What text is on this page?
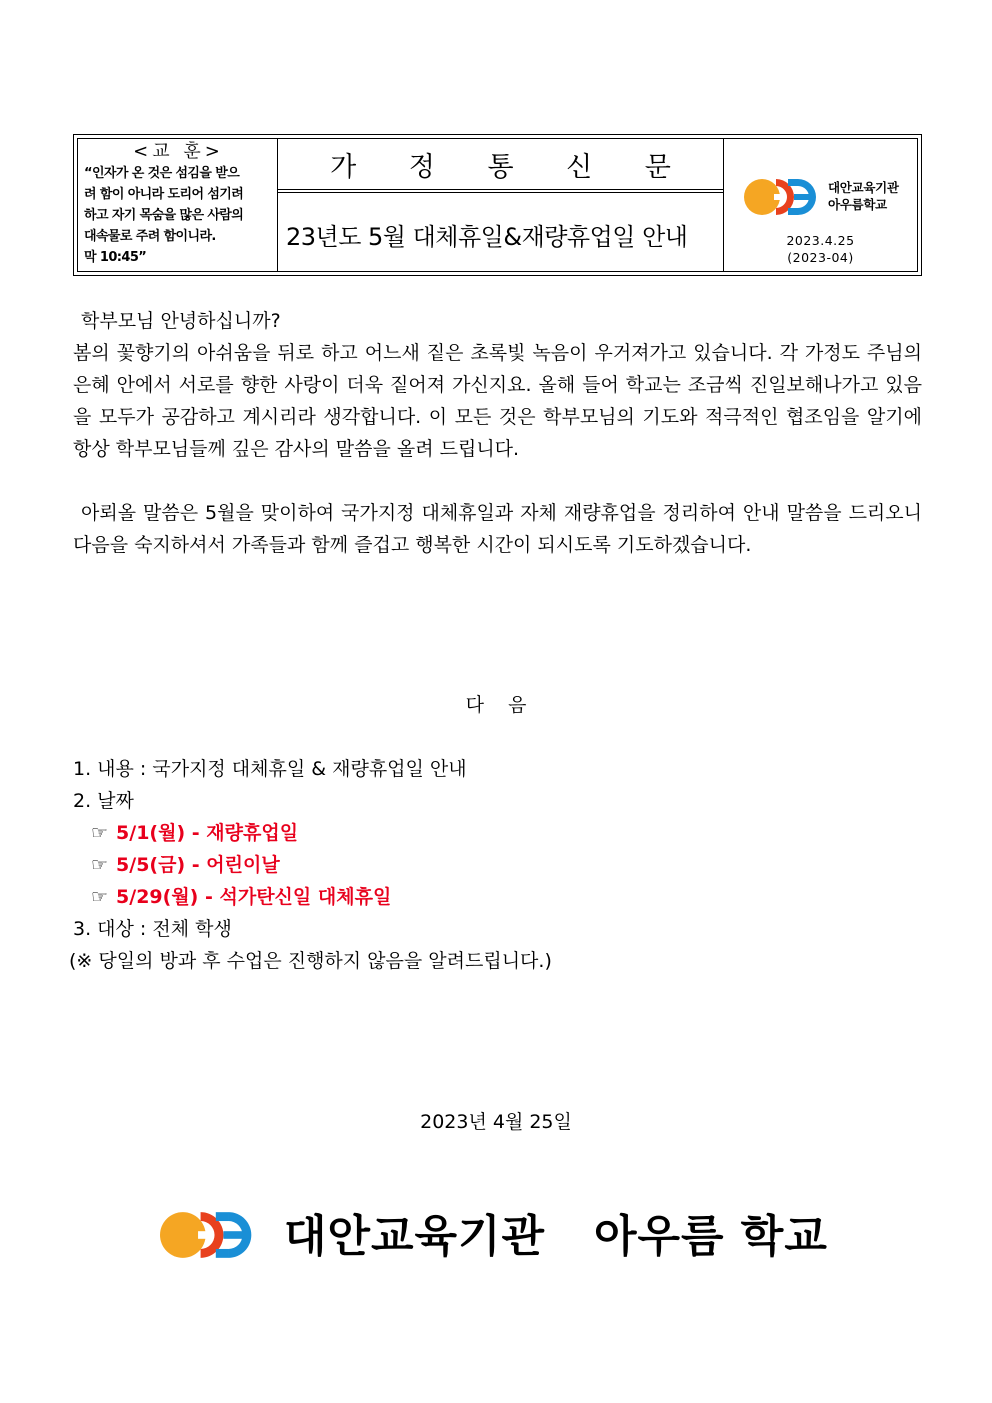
<교 훈>
“인자가 온 것은 섬김을 받으
려 함이 아니라 도리어 섬기려
하고 자기 목숨을 많은 사람의
대속물로 주려 함이니라.
막 10:45”
가 정 통 신 문
23년도 5월 대체휴일&재량휴업일 안내
대안교육기관
아우름학교
2023.4.25
(2023-04)
학부모님 안녕하십니까?
봄의 꽃향기의 아쉬움을 뒤로 하고 어느새 짙은 초록빛 녹음이 우거져가고 있습니다. 각 가정도 주님의 은혜 안에서 서로를 향한 사랑이 더욱 짙어져 가신지요. 올해 들어 학교는 조금씩 진일보해나가고 있음을 모두가 공감하고 계시리라 생각합니다. 이 모든 것은 학부모님의 기도와 적극적인 협조임을 알기에 항상 학부모님들께 깊은 감사의 말씀을 올려 드립니다.
아뢰올 말씀은 5월을 맞이하여 국가지정 대체휴일과 자체 재량휴업을 정리하여 안내 말씀을 드리오니 다음을 숙지하셔서 가족들과 함께 즐겁고 행복한 시간이 되시도록 기도하겠습니다.
다    음
1. 내용 : 국가지정 대체휴일 & 재량휴업일 안내
2. 날짜
☞ 5/1(월) - 재량휴업일
☞ 5/5(금) - 어린이날
☞ 5/29(월) - 석가탄신일 대체휴일
3. 대상 : 전체 학생
(※ 당일의 방과 후 수업은 진행하지 않음을 알려드립니다.)
2023년 4월 25일
대안교육기관   아우름 학교
